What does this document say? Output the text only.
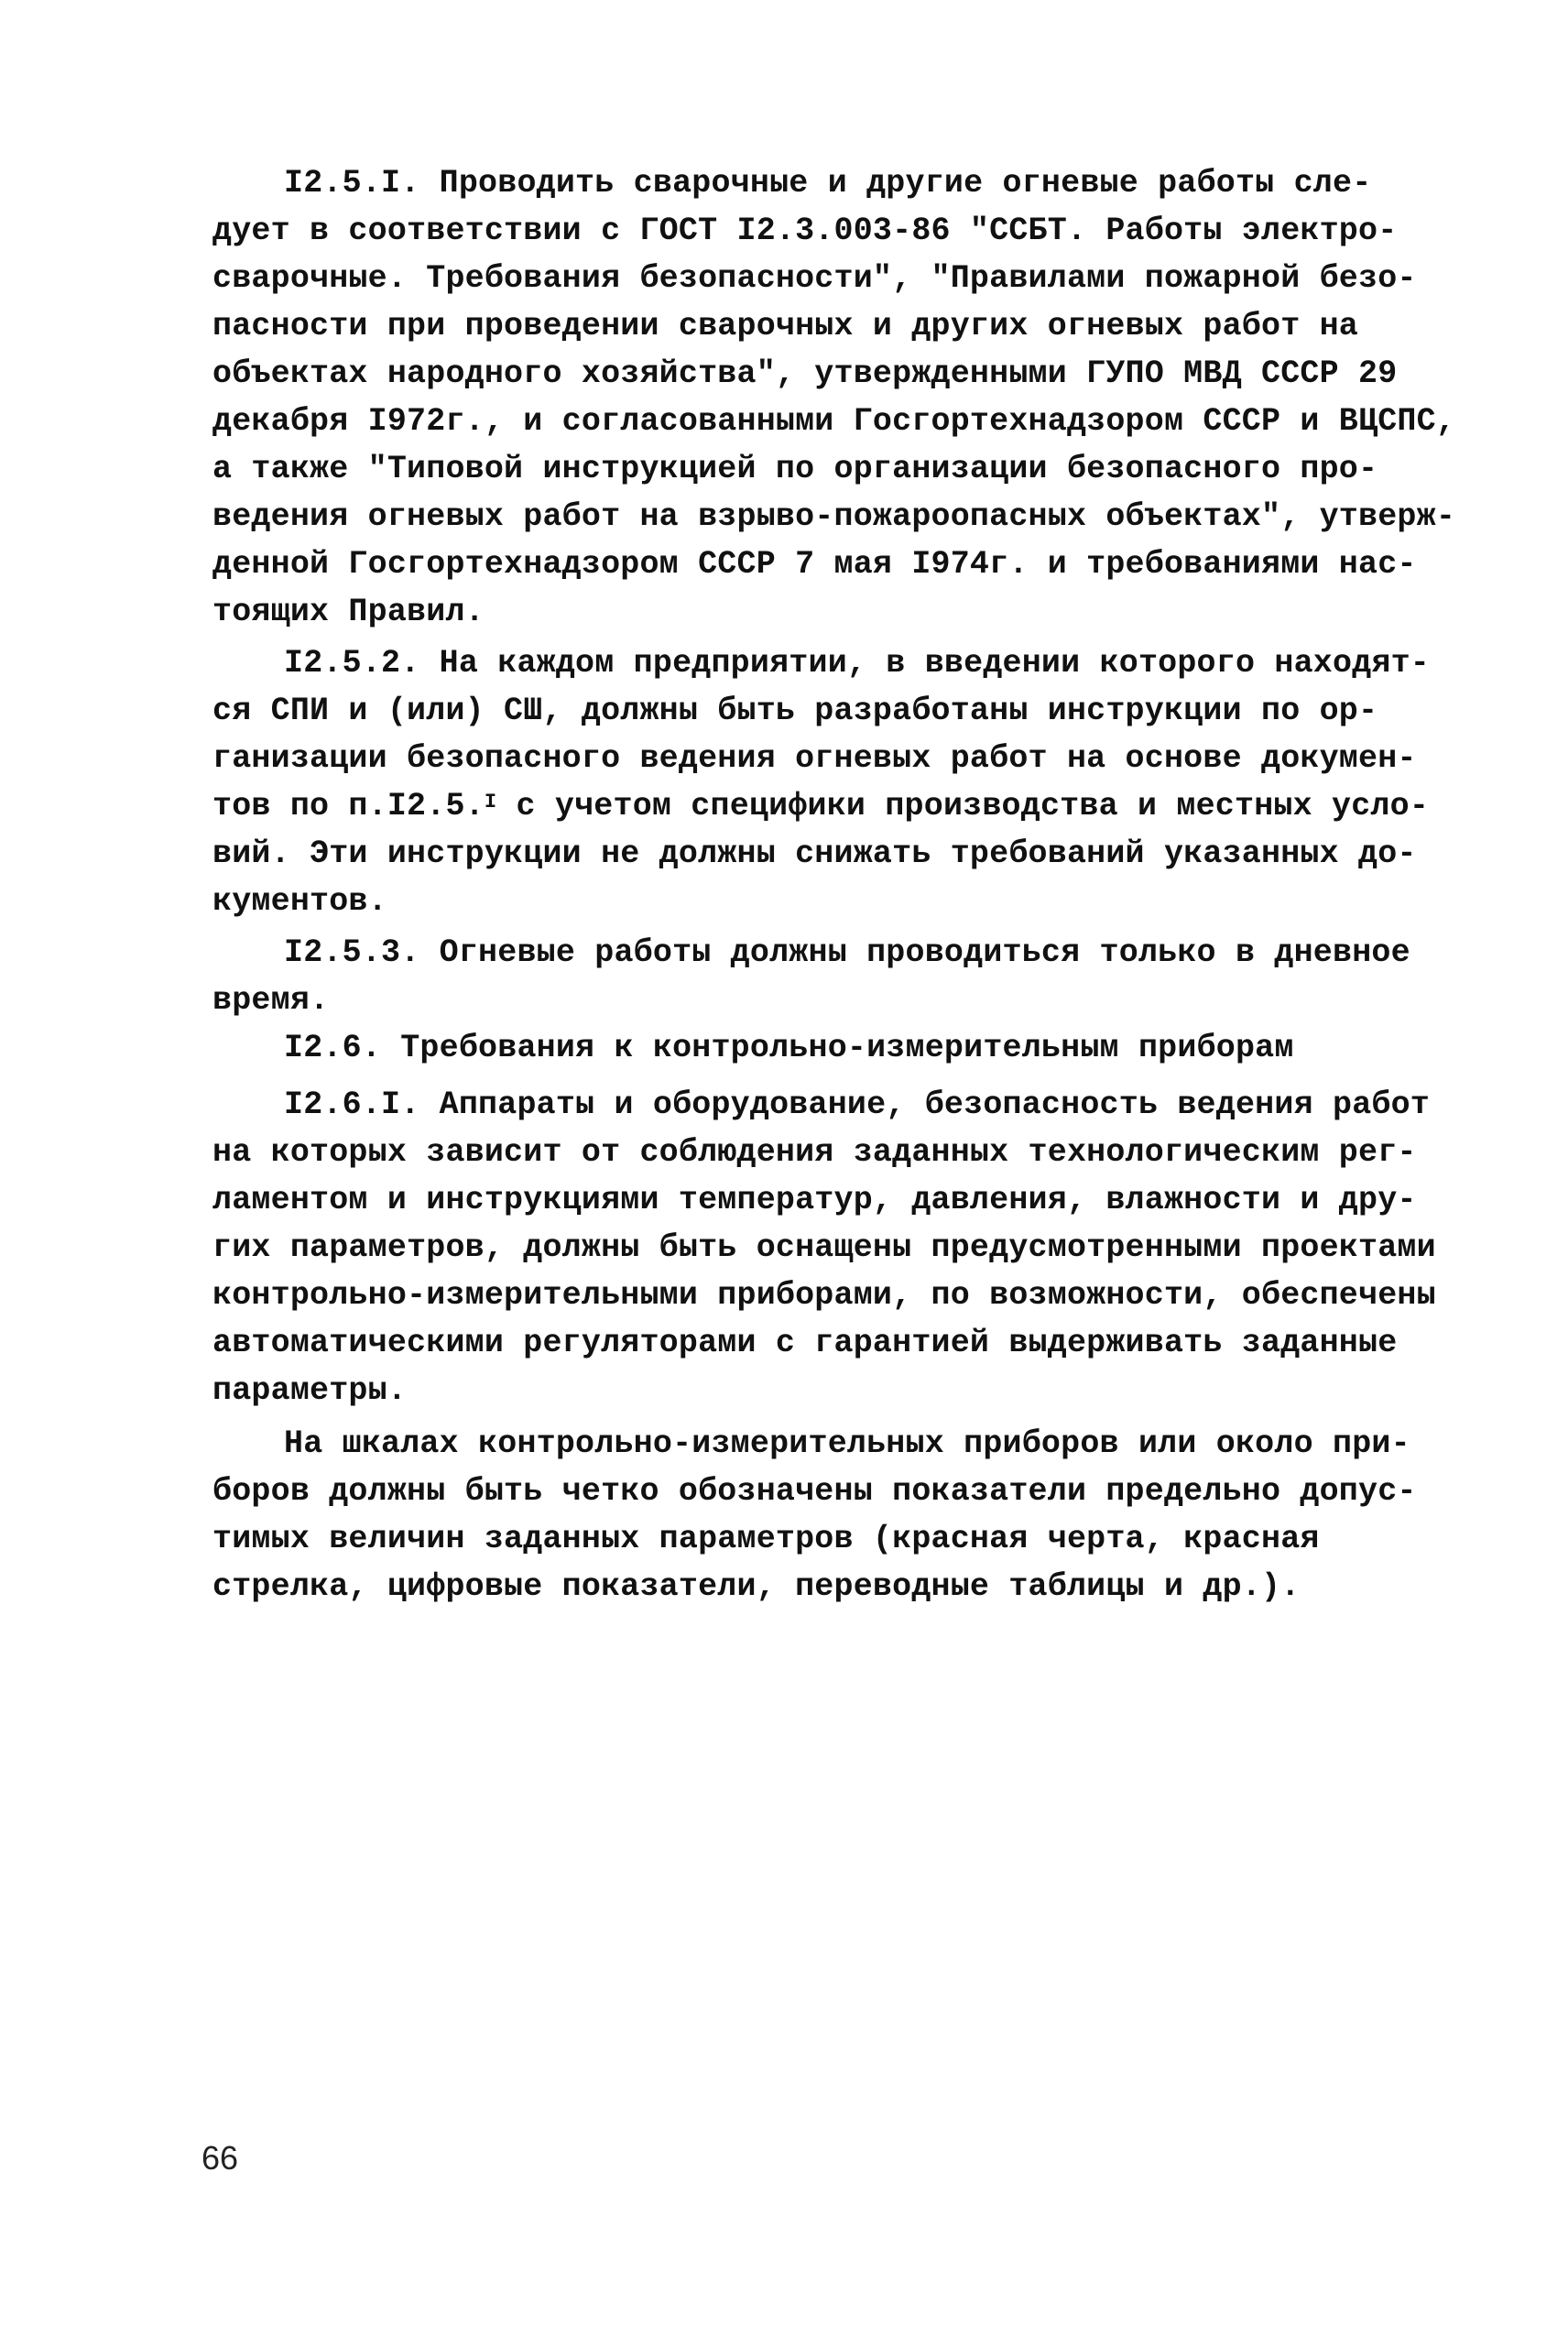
I2.5.I. Проводить сварочные и другие огневые работы сле-
дует в соответствии с ГОСТ I2.3.003-86 "ССБТ. Работы электро-
сварочные. Требования безопасности", "Правилами пожарной безо-
пасности при проведении сварочных и других огневых работ на
объектах народного хозяйства", утвержденными ГУПО МВД СССР 29
декабря I972г., и согласованными Госгортехнадзором СССР и ВЦСПС,
а также "Типовой инструкцией по организации безопасного про-
ведения огневых работ на взрыво-пожароопасных объектах", утверж-
денной Госгортехнадзором СССР 7 мая I974г. и требованиями нас-
тоящих Правил.
I2.5.2. На каждом предприятии, в введении которого находят-
ся СПИ и (или) СШ, должны быть разработаны инструкции по ор-
ганизации безопасного ведения огневых работ на основе докумен-
тов по п.I2.5.$^I$ с учетом специфики производства и местных усло-
вий. Эти инструкции не должны снижать требований указанных до-
кументов.
I2.5.3. Огневые работы должны проводиться только в дневное
время.
I2.6. Требования к контрольно-измерительным приборам
I2.6.I. Аппараты и оборудование, безопасность ведения работ
на которых зависит от соблюдения заданных технологическим рег-
ламентом и инструкциями температур, давления, влажности и дру-
гих параметров, должны быть оснащены предусмотренными проектами
контрольно-измерительными приборами, по возможности, обеспечены
автоматическими регуляторами с гарантией выдерживать заданные
параметры.
На шкалах контрольно-измерительных приборов или около при-
боров должны быть четко обозначены показатели предельно допус-
тимых величин заданных параметров (красная черта, красная
стрелка, цифровые показатели, переводные таблицы и др.).
66
